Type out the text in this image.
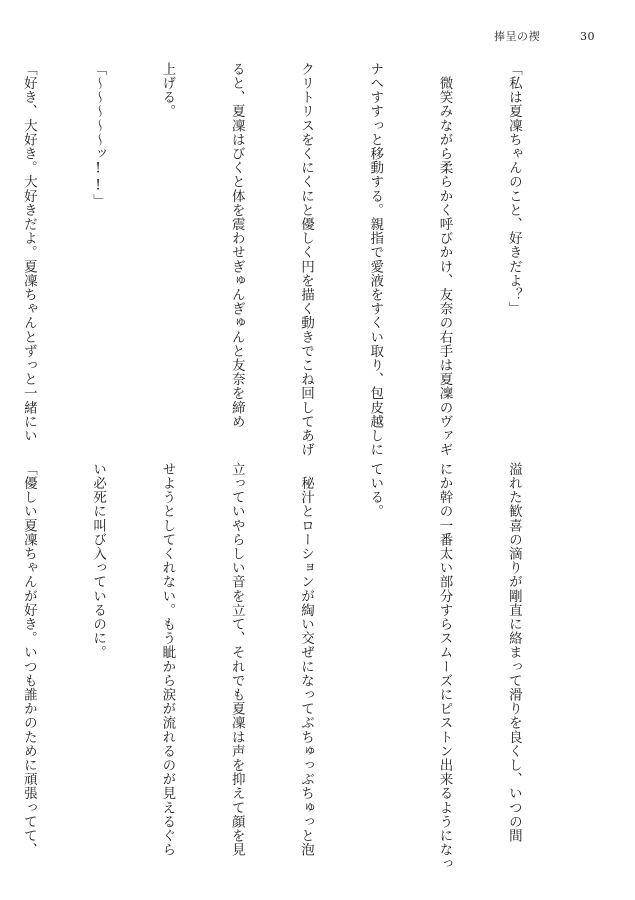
捧呈の禊	30

「私は夏凜ちゃんのこと、好きだよ？」

　微笑みながら柔らかく呼びかけ、友奈の右手は夏凜のヴァギ

ナへすすっと移動する。親指で愛液をすくい取り、包皮越しに

クリトリスをくにくにと優しく円を描く動きでこね回してあげ

ると、夏凜はびくと体を震わせぎゅんぎゅんと友奈を締め

上げる。

「～～～～～ッ!!」

「好き、大好き。大好きだよ。夏凜ちゃんとずっと一緒にい

溢れた歓喜の滴りが剛直に絡まって滑りを良くし、いつの間

にか幹の一番太い部分すらスムーズにピストン出来るようになっ

ている。

　秘汁とローションが綯い交ぜになってぶちゅっぶちゅっと泡

立っていやらしい音を立て、それでも夏凜は声を抑えて顔を見

せようとしてくれない。もう眦から涙が流れるのが見えるぐら

い必死に叫び入っているのに。

「優しい夏凜ちゃんが好き。いつも誰かのために頑張ってて、
